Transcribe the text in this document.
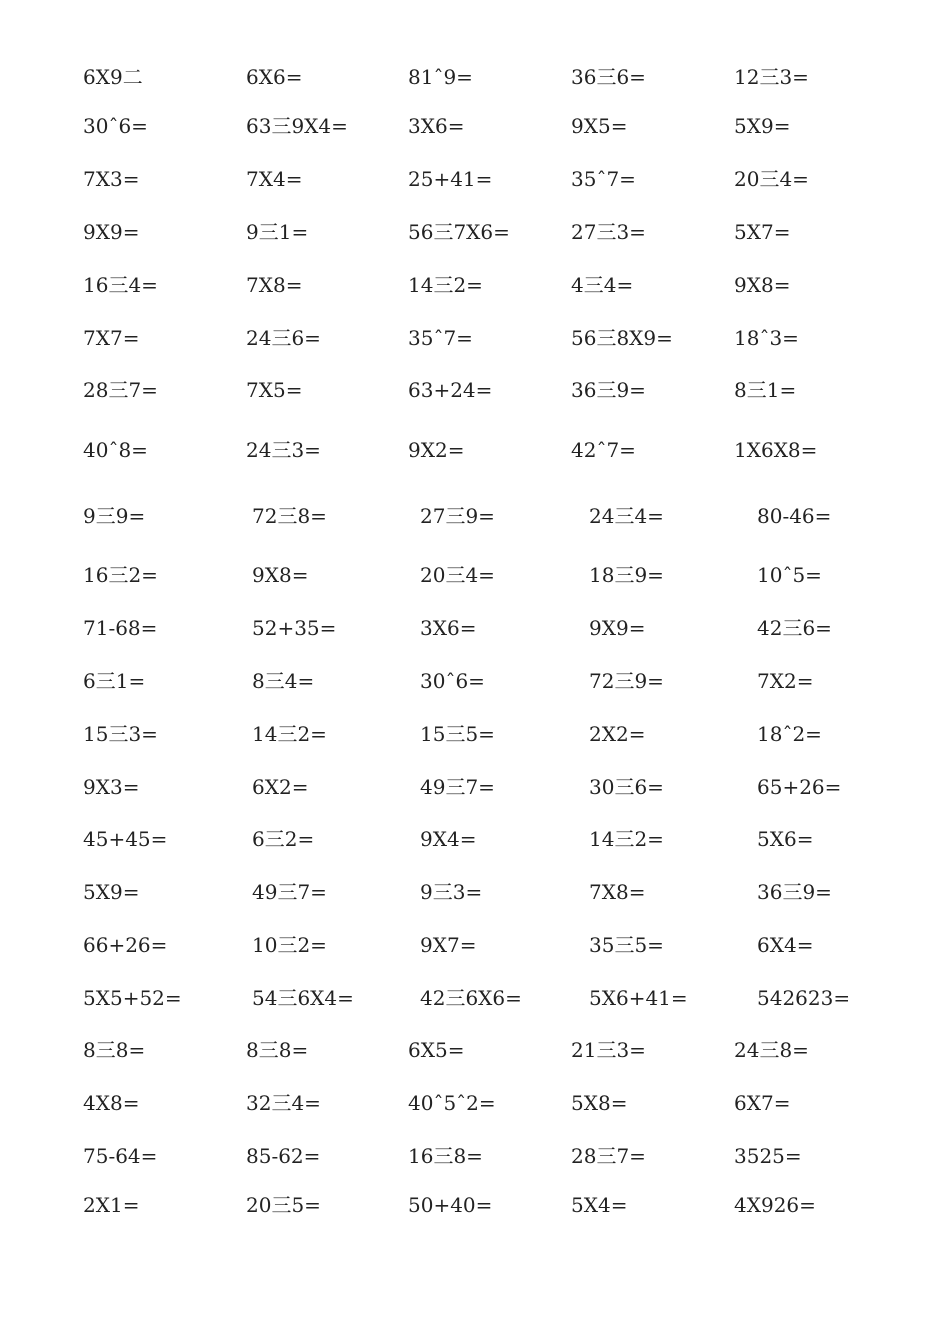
6X9二	6X6=	81ˆ9=	36三6=	12三3=
30ˆ6=	63三9X4=	3X6=	9X5=	5X9=
7X3=	7X4=	25+41=	35ˆ7=	20三4=
9X9=	9三1=	56三7X6=	27三3=	5X7=
16三4=	7X8=	14三2=	4三4=	9X8=
7X7=	24三6=	35ˆ7=	56三8X9=	18ˆ3=
28三7=	7X5=	63+24=	36三9=	8三1=
40ˆ8=	24三3=	9X2=	42ˆ7=	1X6X8=
9三9=	72三8=	27三9=	24三4=	80-46=
16三2=	9X8=	20三4=	18三9=	10ˆ5=
71-68=	52+35=	3X6=	9X9=	42三6=
6三1=	8三4=	30ˆ6=	72三9=	7X2=
15三3=	14三2=	15三5=	2X2=	18ˆ2=
9X3=	6X2=	49三7=	30三6=	65+26=
45+45=	6三2=	9X4=	14三2=	5X6=
5X9=	49三7=	9三3=	7X8=	36三9=
66+26=	10三2=	9X7=	35三5=	6X4=
5X5+52=	54三6X4=	42三6X6=	5X6+41=	542623=
8三8=	8三8=	6X5=	21三3=	24三8=
4X8=	32三4=	40ˆ5ˆ2=	5X8=	6X7=
75-64=	85-62=	16三8=	28三7=	3525=
2X1=	20三5=	50+40=	5X4=	4X926=
